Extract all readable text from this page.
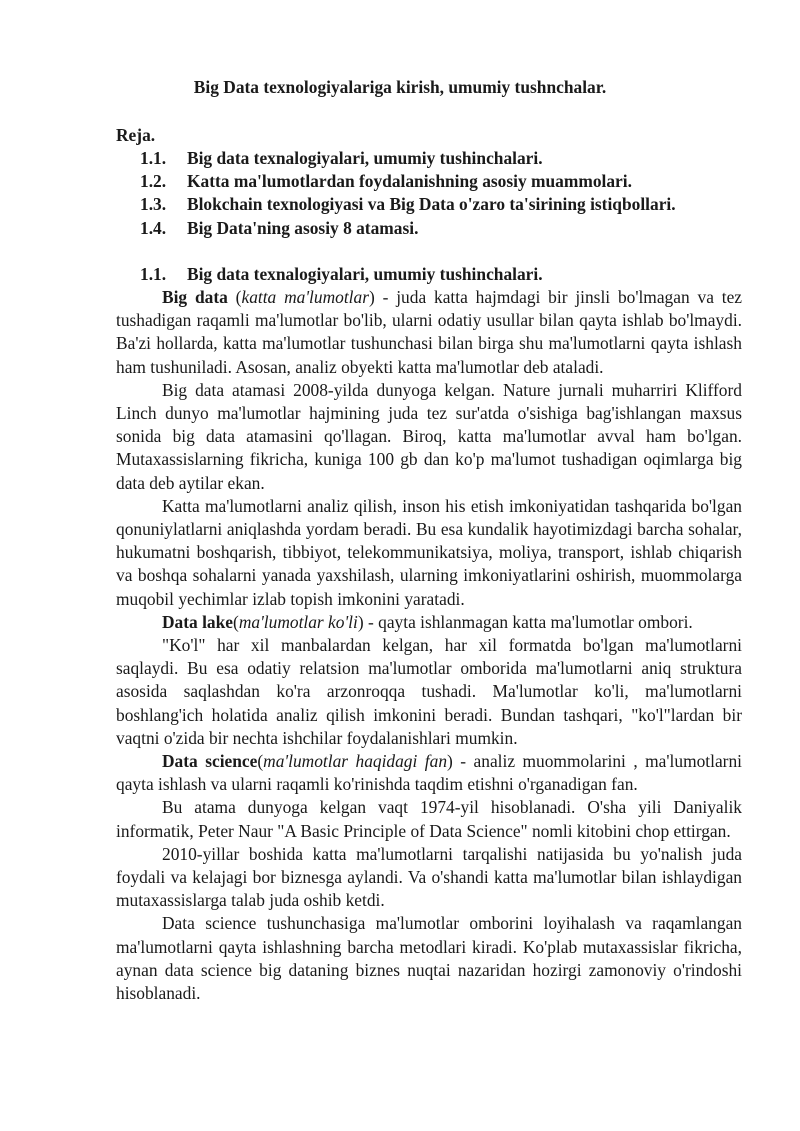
Big Data texnologiyalariga kirish, umumiy tushnchalar.
Reja.
1.1. Big data texnalogiyalari, umumiy tushinchalari.
1.2. Katta ma'lumotlardan foydalanishning asosiy muammolari.
1.3. Blokchain texnologiyasi va Big Data o'zaro ta'sirining istiqbollari.
1.4. Big Data'ning asosiy 8 atamasi.
1.1. Big data texnalogiyalari, umumiy tushinchalari.

Big data (katta ma'lumotlar) - juda katta hajmdagi bir jinsli bo'lmagan va tez tushadigan raqamli ma'lumotlar bo'lib, ularni odatiy usullar bilan qayta ishlab bo'lmaydi. Ba'zi hollarda, katta ma'lumotlar tushunchasi bilan birga shu ma'lumotlarni qayta ishlash ham tushuniladi. Asosan, analiz obyekti katta ma'lumotlar deb ataladi.

Big data atamasi 2008-yilda dunyoga kelgan. Nature jurnali muharriri Klifford Linch dunyo ma'lumotlar hajmining juda tez sur'atda o'sishiga bag'ishlangan maxsus sonida big data atamasini qo'llagan. Biroq, katta ma'lumotlar avval ham bo'lgan. Mutaxassislarning fikricha, kuniga 100 gb dan ko'p ma'lumot tushadigan oqimlarga big data deb aytilar ekan.

Katta ma'lumotlarni analiz qilish, inson his etish imkoniyatidan tashqarida bo'lgan qonuniylatlarni aniqlashda yordam beradi. Bu esa kundalik hayotimizdagi barcha sohalar, hukumatni boshqarish, tibbiyot, telekommunikatsiya, moliya, transport, ishlab chiqarish va boshqa sohalarni yanada yaxshilash, ularning imkoniyatlarini oshirish, muommolarga muqobil yechimlar izlab topish imkonini yaratadi.

Data lake(ma'lumotlar ko'li) - qayta ishlanmagan katta ma'lumotlar ombori.

"Ko'l" har xil manbalardan kelgan, har xil formatda bo'lgan ma'lumotlarni saqlaydi. Bu esa odatiy relatsion ma'lumotlar omborida ma'lumotlarni aniq struktura asosida saqlashdan ko'ra arzonroqqa tushadi. Ma'lumotlar ko'li, ma'lumotlarni boshlang'ich holatida analiz qilish imkonini beradi. Bundan tashqari, "ko'l"lardan bir vaqtni o'zida bir nechta ishchilar foydalanishlari mumkin.

Data science(ma'lumotlar haqidagi fan) - analiz muommolarini , ma'lumotlarni qayta ishlash va ularni raqamli ko'rinishda taqdim etishni o'rganadigan fan.

Bu atama dunyoga kelgan vaqt 1974-yil hisoblanadi. O'sha yili Daniyalik informatik, Peter Naur "A Basic Principle of Data Science" nomli kitobini chop ettirgan.

2010-yillar boshida katta ma'lumotlarni tarqalishi natijasida bu yo'nalish juda foydali va kelajagi bor biznesga aylandi. Va o'shandi katta ma'lumotlar bilan ishlaydigan mutaxassislarga talab juda oshib ketdi.

Data science tushunchasiga ma'lumotlar omborini loyihalash va raqamlangan ma'lumotlarni qayta ishlashning barcha metodlari kiradi. Ko'plab mutaxassislar fikricha, aynan data science big dataning biznes nuqtai nazaridan hozirgi zamonoviy o'rindoshi hisoblanadi.
